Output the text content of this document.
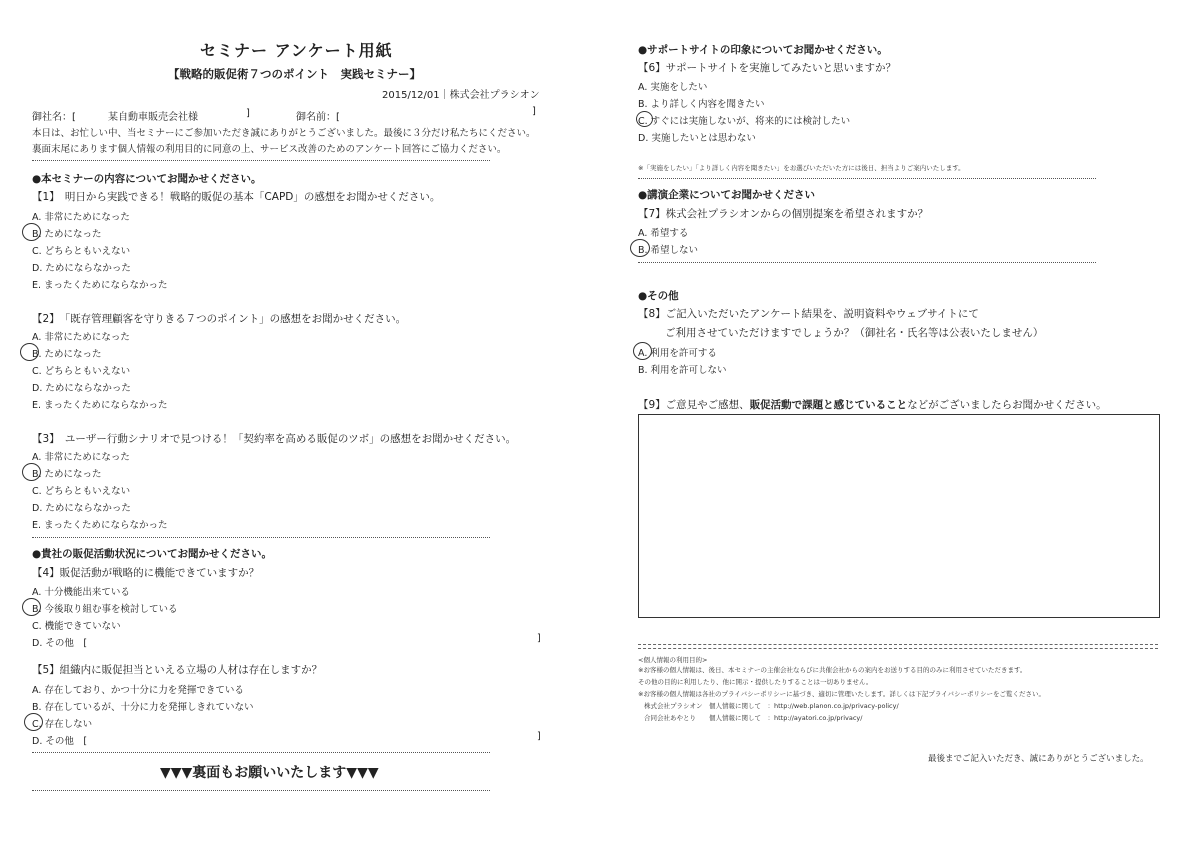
セミナー アンケート用紙
【戦略的販促術７つのポイント　実践セミナー】
2015/12/01｜株式会社プラシオン
御社名：[	某自動車販売会社様	]	御名前：[
]
本日は、お忙しい中、当セミナーにご参加いただき誠にありがとうございました。最後に３分だけ私たちにください。
裏面末尾にあります個人情報の利用目的に同意の上、サービス改善のためのアンケート回答にご協力ください。
●本セミナーの内容についてお聞かせください。
【1】　明日から実践できる！戦略的販促の基本「CAPD」の感想をお聞かせください。
A. 非常にためになった
B. ためになった
C. どちらともいえない
D. ためにならなかった
E. まったくためにならなかった
【2】　「既存管理顧客を守りきる７つのポイント」の感想をお聞かせください。
A. 非常にためになった
B. ためになった
C. どちらともいえない
D. ためにならなかった
E. まったくためにならなかった
【3】　ユーザー行動シナリオで見つける！「契約率を高める販促のツボ」の感想をお聞かせください。
A. 非常にためになった
B. ためになった
C. どちらともいえない
D. ためにならなかった
E. まったくためにならなかった
●貴社の販促活動状況についてお聞かせください。
【4】販促活動が戦略的に機能できていますか？
A. 十分機能出来ている
B. 今後取り組む事を検討している
C. 機能できていない
D. その他　[	]
【5】組織内に販促担当といえる立場の人材は存在しますか？
A. 存在しており、かつ十分に力を発揮できている
B. 存在しているが、十分に力を発揮しきれていない
C. 存在しない
D. その他　[	]
▼▼▼裏面もお願いいたします▼▼▼
●サポートサイトの印象についてお聞かせください。
【6】サポートサイトを実施してみたいと思いますか？
A. 実施をしたい
B. より詳しく内容を聞きたい
C. すぐには実施しないが、将来的には検討したい
D. 実施したいとは思わない
※「実施をしたい」「より詳しく内容を聞きたい」をお選びいただいた方には後日、担当よりご案内いたします。
●講演企業についてお聞かせください
【7】株式会社プラシオンからの個別提案を希望されますか？
A. 希望する
B. 希望しない
●その他
【8】ご記入いただいたアンケート結果を、説明資料やウェブサイトにて
ご利用させていただけますでしょうか？（御社名・氏名等は公表いたしません）
A. 利用を許可する
B. 利用を許可しない
【9】ご意見やご感想、販促活動で課題と感じていることなどがございましたらお聞かせください。
<個人情報の利用目的>
※お客様の個人情報は、後日、本セミナーの主催会社ならびに共催会社からの案内をお送りする目的のみに利用させていただきます。
その他の目的に利用したり、他に開示・提供したりすることは一切ありません。
※お客様の個人情報は各社のプライバシーポリシーに基づき、適切に管理いたします。詳しくは下記プライバシーポリシーをご覧ください。
株式会社プラシオン　個人情報に関して　：http://web.planon.co.jp/privacy-policy/
合同会社あやとり　　個人情報に関して　：http://ayatori.co.jp/privacy/
最後までご記入いただき、誠にありがとうございました。
